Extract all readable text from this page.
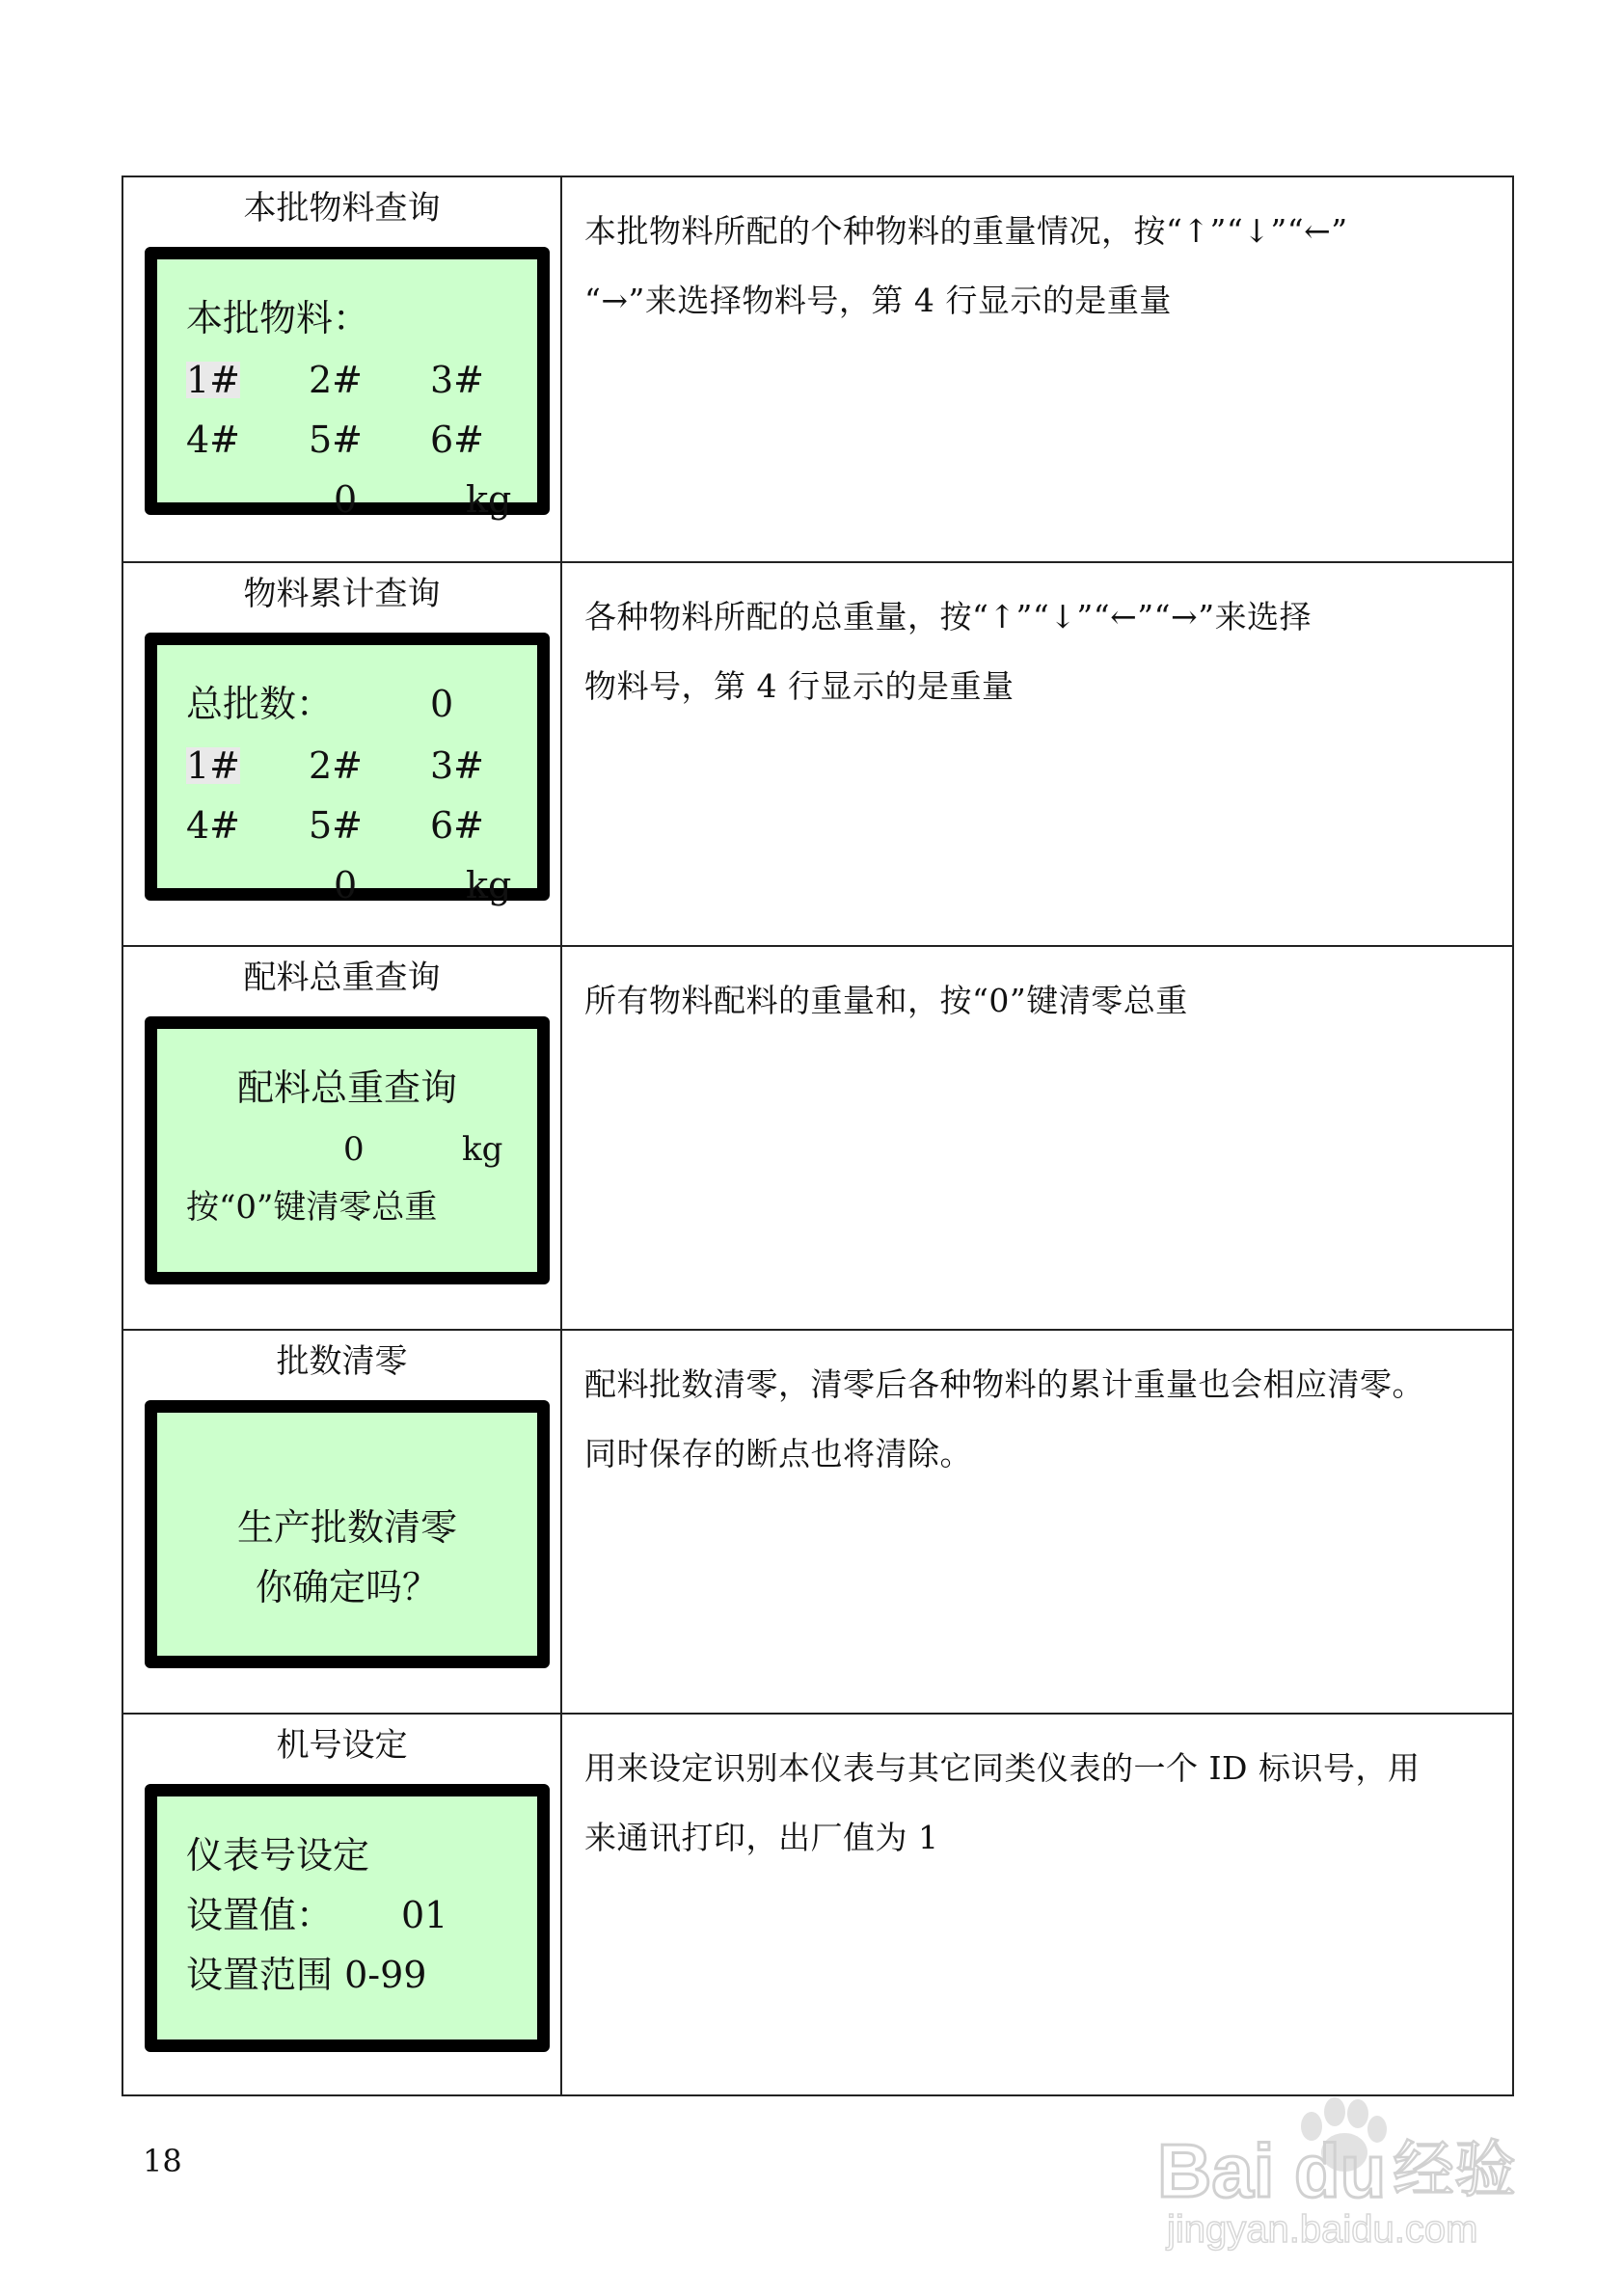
本批物料查询
本批物料：
1# 2# 3#
4# 5# 6#
0	kg
本批物料所配的个种物料的重量情况，按“↑”“↓”“←”
“→”来选择物料号，第 4 行显示的是重量
物料累计查询
总批数：	0
1# 2# 3#
4# 5# 6#
0	kg
各种物料所配的总重量，按“↑”“↓”“←”“→”来选择
物料号，第 4 行显示的是重量
配料总重查询
配料总重查询
0	kg
按“0”键清零总重
所有物料配料的重量和，按“0”键清零总重
批数清零
生产批数清零
你确定吗？
配料批数清零，清零后各种物料的累计重量也会相应清零。
同时保存的断点也将清除。
机号设定
仪表号设定
设置值： 01
设置范围 0-99
用来设定识别本仪表与其它同类仪表的一个 ID 标识号，用
来通讯打印，出厂值为 1
18	Bai du 经验
jingyan.baidu.com
